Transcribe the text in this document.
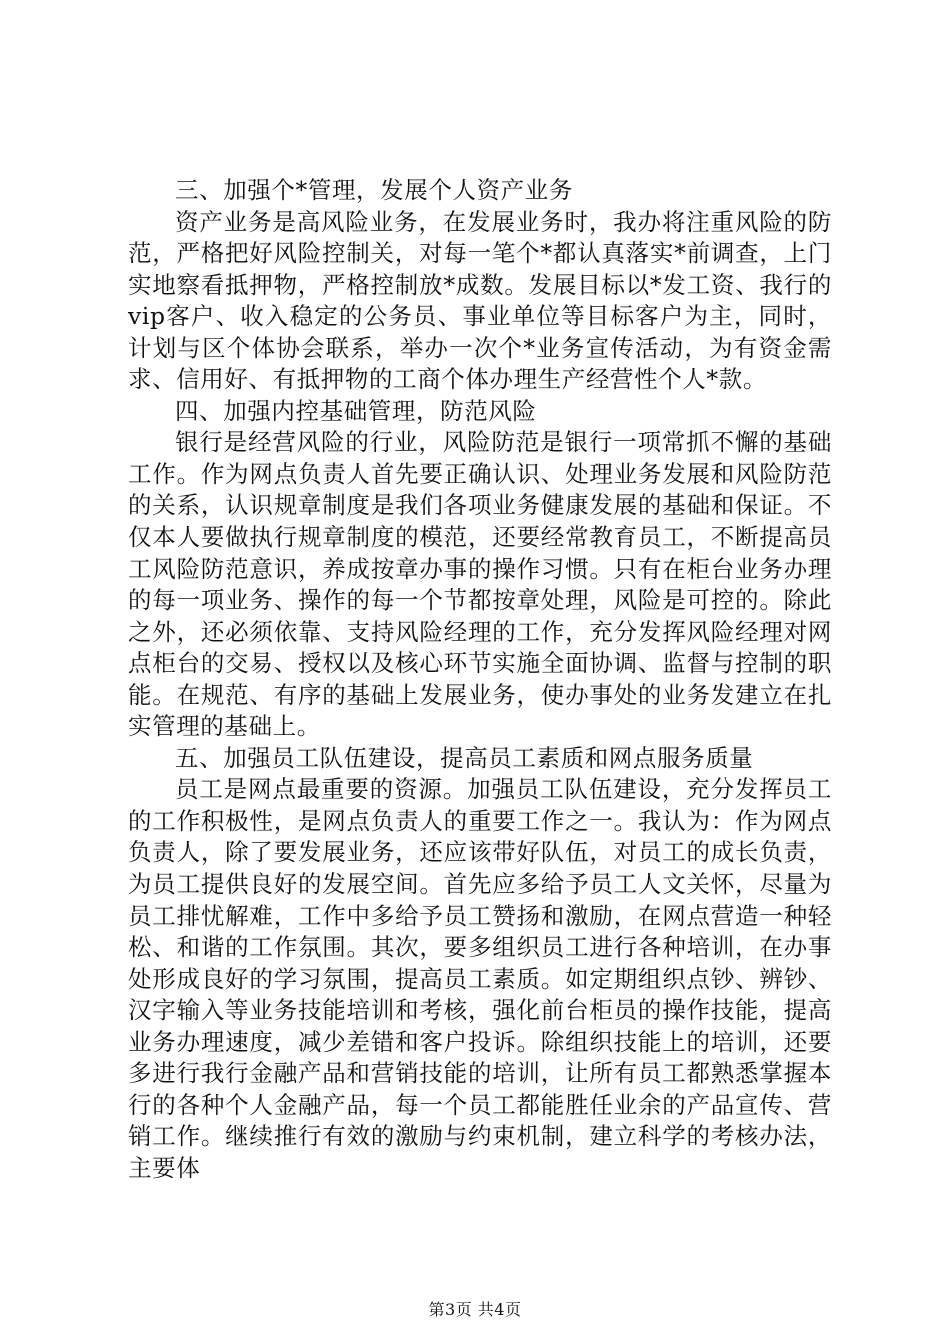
三、加强个*管理，发展个人资产业务

资产业务是高风险业务，在发展业务时，我办将注重风险的防范，严格把好风险控制关，对每一笔个*都认真落实*前调查，上门实地察看抵押物，严格控制放*成数。发展目标以*发工资、我行的vip客户、收入稳定的公务员、事业单位等目标客户为主，同时，计划与区个体协会联系，举办一次个*业务宣传活动，为有资金需求、信用好、有抵押物的工商个体办理生产经营性个人*款。

四、加强内控基础管理，防范风险

银行是经营风险的行业，风险防范是银行一项常抓不懈的基础工作。作为网点负责人首先要正确认识、处理业务发展和风险防范的关系，认识规章制度是我们各项业务健康发展的基础和保证。不仅本人要做执行规章制度的模范，还要经常教育员工，不断提高员工风险防范意识，养成按章办事的操作习惯。只有在柜台业务办理的每一项业务、操作的每一个节都按章处理，风险是可控的。除此之外，还必须依靠、支持风险经理的工作，充分发挥风险经理对网点柜台的交易、授权以及核心环节实施全面协调、监督与控制的职能。在规范、有序的基础上发展业务，使办事处的业务发建立在扎实管理的基础上。

五、加强员工队伍建设，提高员工素质和网点服务质量

员工是网点最重要的资源。加强员工队伍建设，充分发挥员工的工作积极性，是网点负责人的重要工作之一。我认为：作为网点负责人，除了要发展业务，还应该带好队伍，对员工的成长负责，为员工提供良好的发展空间。首先应多给予员工人文关怀，尽量为员工排忧解难，工作中多给予员工赞扬和激励，在网点营造一种轻松、和谐的工作氛围。其次，要多组织员工进行各种培训，在办事处形成良好的学习氛围，提高员工素质。如定期组织点钞、辨钞、汉字输入等业务技能培训和考核，强化前台柜员的操作技能，提高业务办理速度，减少差错和客户投诉。除组织技能上的培训，还要多进行我行金融产品和营销技能的培训，让所有员工都熟悉掌握本行的各种个人金融产品，每一个员工都能胜任业余的产品宣传、营销工作。继续推行有效的激励与约束机制，建立科学的考核办法，主要体

第3页 共4页
